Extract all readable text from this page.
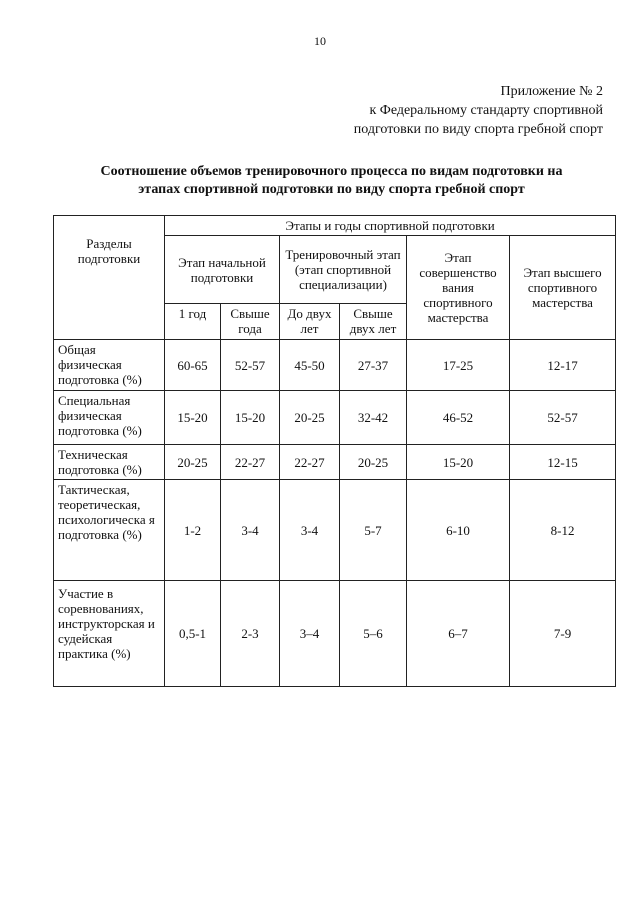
10
Приложение № 2
к Федеральному стандарту спортивной
подготовки по виду спорта гребной спорт
Соотношение объемов тренировочного процесса по видам подготовки на
этапах спортивной подготовки по виду спорта гребной спорт
Разделы подготовки	Этапы и годы спортивной подготовки					
	Этап начальной подготовки		Тренировочный этап (этап спортивной специализации)		Этап совершенство вания спортивного мастерства	Этап высшего спортивного мастерства
	1 год	Свыше года	До двух лет	Свыше двух лет		
Общая физическая подготовка (%)	60-65	52-57	45-50	27-37	17-25	12-17
Специальная физическая подготовка (%)	15-20	15-20	20-25	32-42	46-52	52-57
Техническая подготовка (%)	20-25	22-27	22-27	20-25	15-20	12-15
Тактическая, теоретическая, психологическа я подготовка (%)	1-2	3-4	3-4	5-7	6-10	8-12
Участие в соревнованиях, инструкторская и судейская практика (%)	0,5-1	2-3	3–4	5–6	6–7	7-9
